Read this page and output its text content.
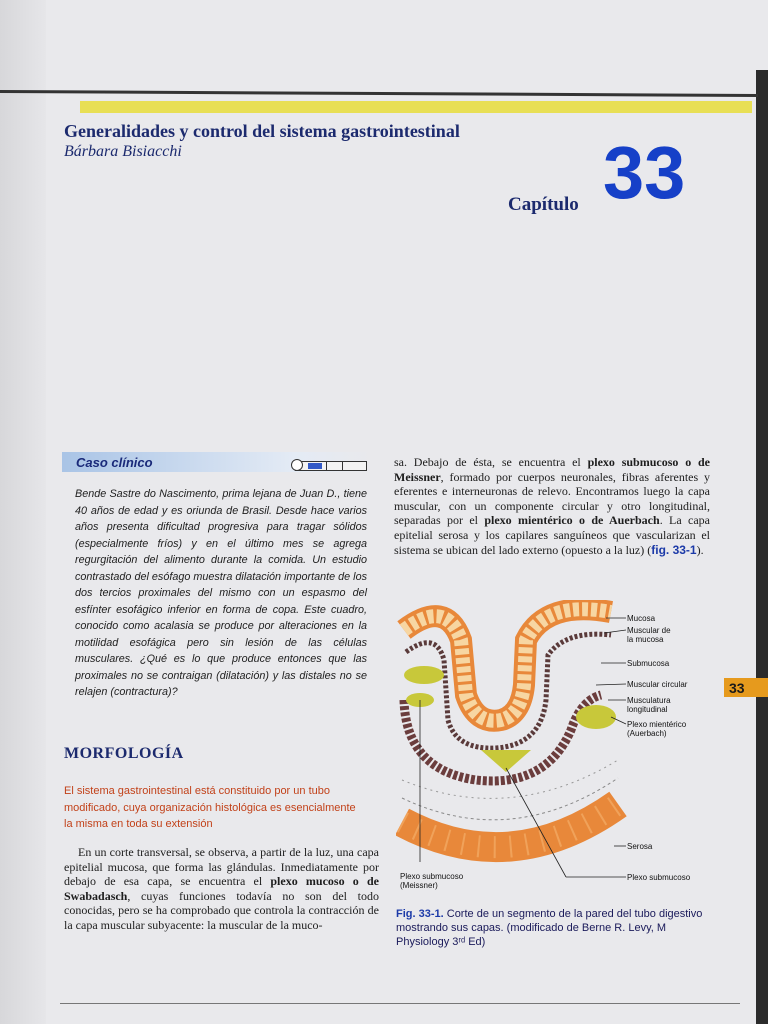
Generalidades y control del sistema gastrointestinal
Bárbara Bisiacchi
Capítulo 33
Caso clínico

Bende Sastre do Nascimento, prima lejana de Juan D., tiene 40 años de edad y es oriunda de Brasil. Desde hace varios años presenta dificultad progresiva para tragar sólidos (especialmente fríos) y en el último mes se agrega regurgitación del alimento durante la comida. Un estudio contrastado del esófago muestra dilatación importante de los dos tercios proximales del mismo con un espasmo del esfínter esofágico inferior en forma de copa. Este cuadro, conocido como acalasia se produce por alteraciones en la motilidad esofágica pero sin lesión de las células musculares. ¿Qué es lo que produce entonces que las proximales no se contraigan (dilatación) y las distales no se relajen (contractura)?

MORFOLOGÍA

El sistema gastrointestinal está constituido por un tubo modificado, cuya organización histológica es esencialmente la misma en toda su extensión

En un corte transversal, se observa, a partir de la luz, una capa epitelial mucosa, que forma las glándulas. Inmediatamente por debajo de esa capa, se encuentra el plexo mucoso o de Swabadasch, cuyas funciones todavía no son del todo conocidas, pero se ha comprobado que controla la contracción de la capa muscular subyacente: la muscular de la muco-

sa. Debajo de ésta, se encuentra el plexo submucoso o de Meissner, formado por cuerpos neuronales, fibras aferentes y eferentes e interneuronas de relevo. Encontramos luego la capa muscular, con un componente circular y otro longitudinal, separadas por el plexo mientérico o de Auerbach. La capa epitelial serosa y los capilares sanguíneos que vascularizan el sistema se ubican del lado externo (opuesto a la luz) (fig. 33-1).

Mucosa
Muscular de
la mucosa
Submucosa
Muscular circular
Musculatura
longitudinal
Plexo mientérico
(Auerbach)
Serosa
Plexo submucoso
(Meissner)
Plexo submucoso

Fig. 33-1. Corte de un segmento de la pared del tubo digestivo mostrando sus capas. (modificado de Berne R. Levy, M Physiology 3ʳᵈ Ed)

33
